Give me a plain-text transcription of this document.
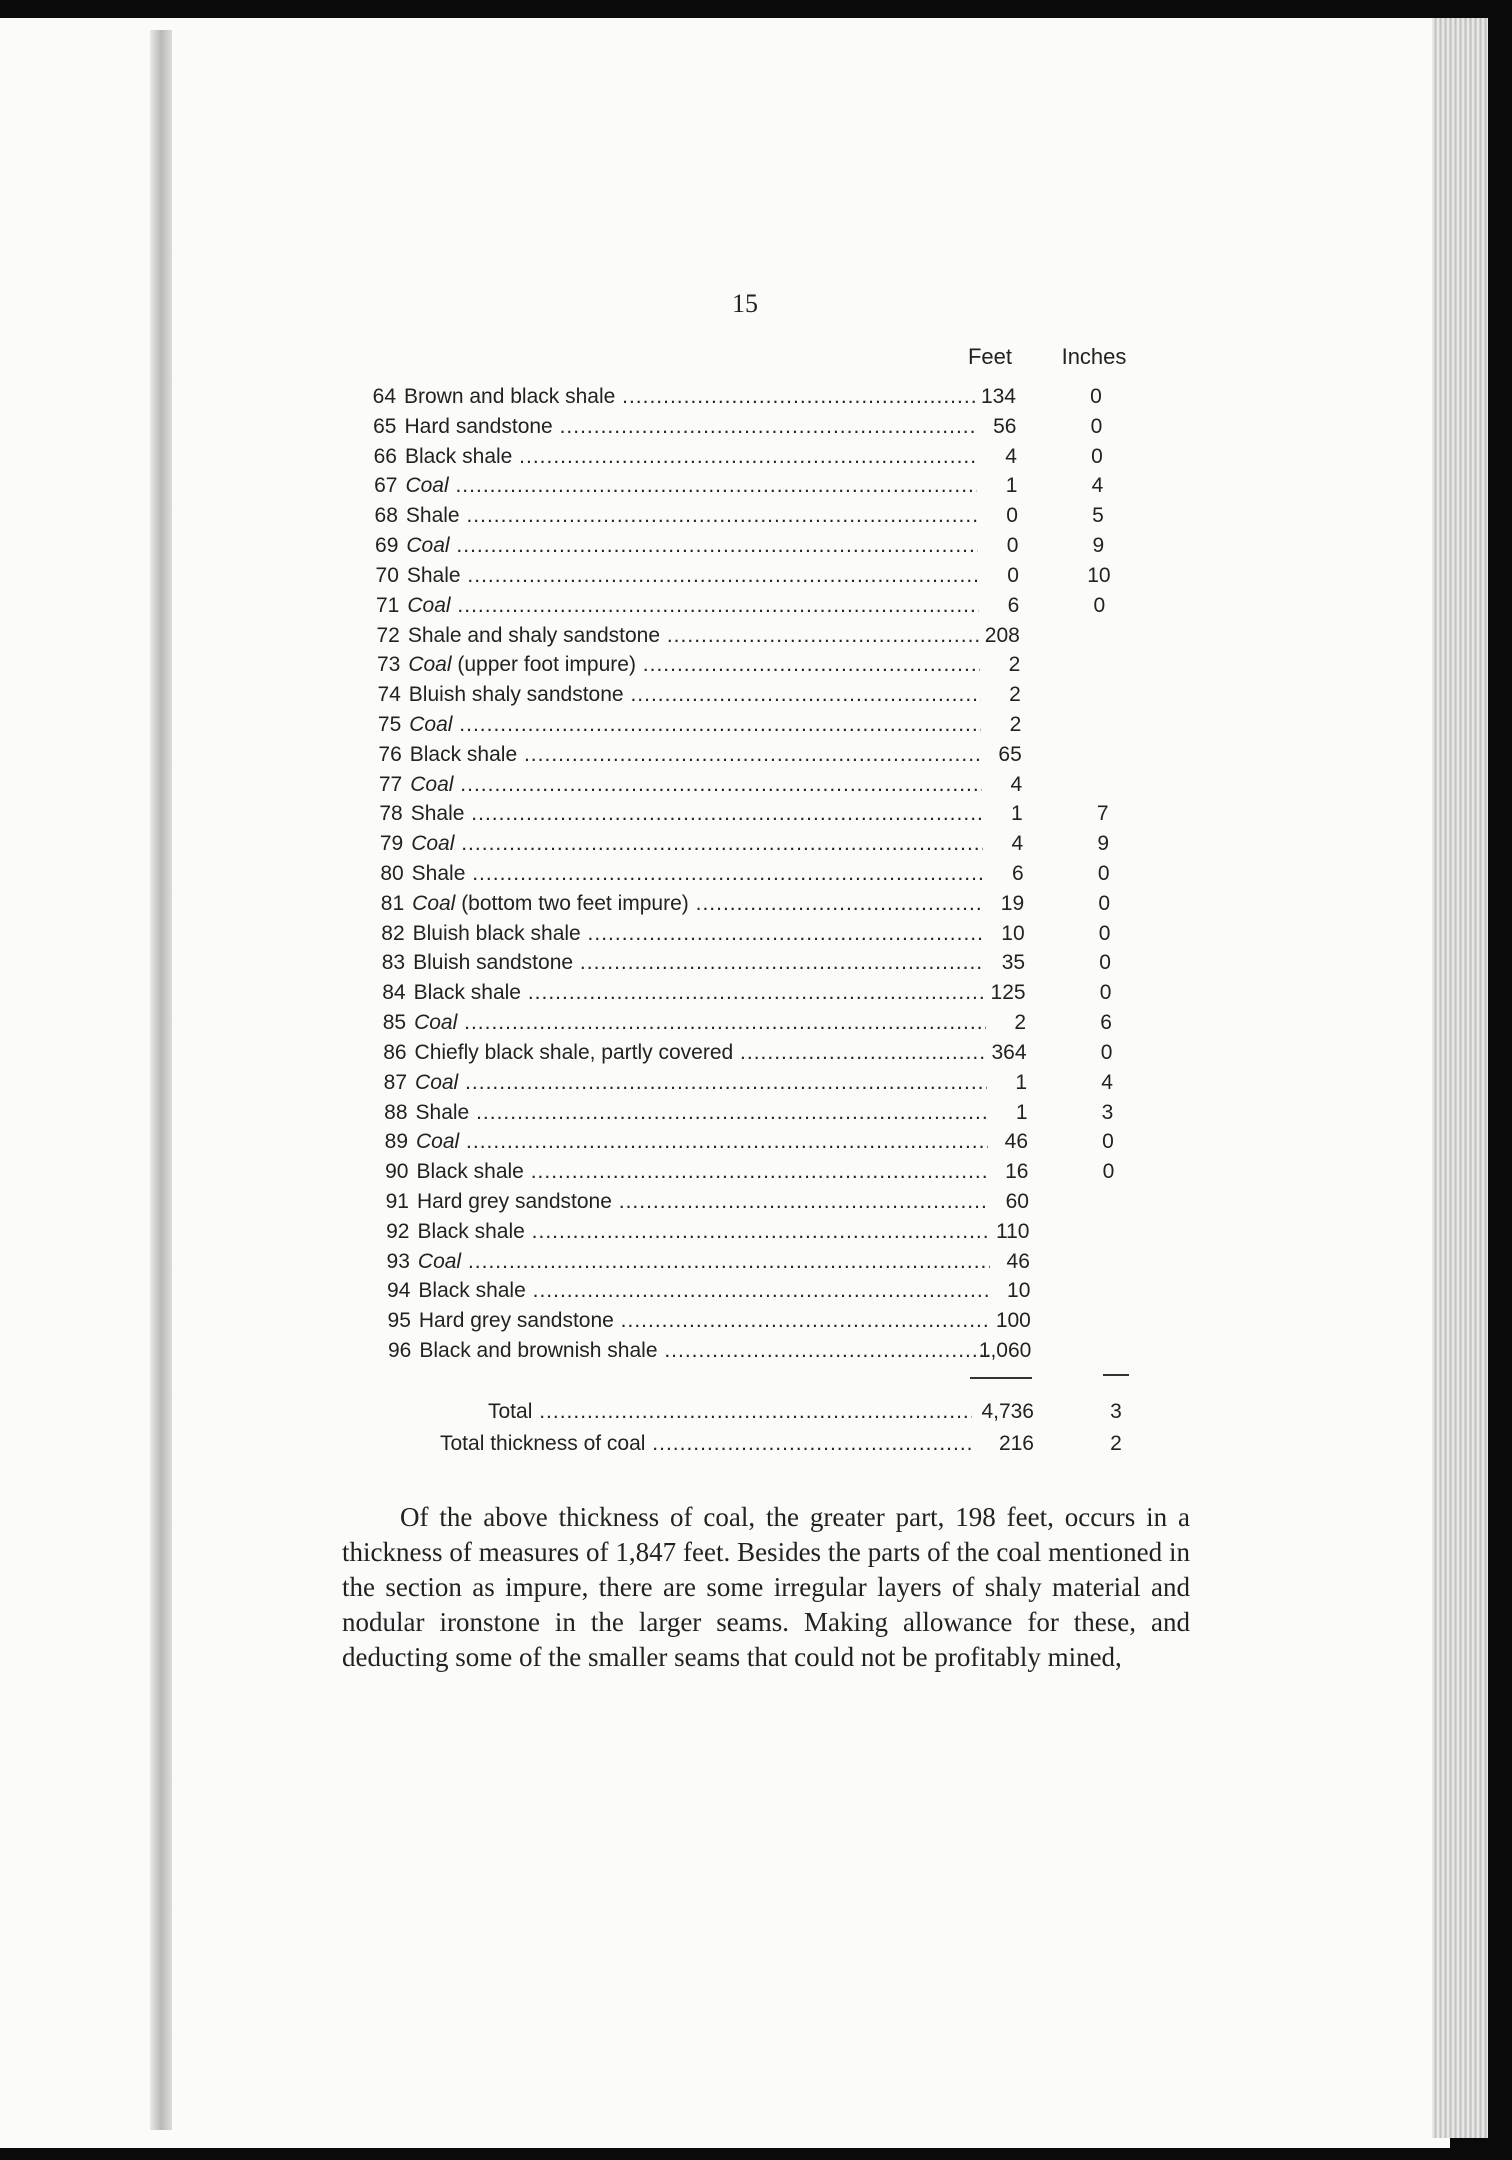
15
Feet	Inches
64 Brown and black shale .....	134	0
65 Hard sandstone .....	56	0
66 Black shale .....	4	0
67 Coal .....	1	4
68 Shale .....	0	5
69 Coal .....	0	9
70 Shale .....	0	10
71 Coal .....	6	0
72 Shale and shaly sandstone .....	208
73 Coal (upper foot impure) .....	2
74 Bluish shaly sandstone .....	2
75 Coal .....	2
76 Black shale .....	65
77 Coal .....	4
78 Shale .....	1	7
79 Coal .....	4	9
80 Shale .....	6	0
81 Coal (bottom two feet impure) .....	19	0
82 Bluish black shale .....	10	0
83 Bluish sandstone .....	35	0
84 Black shale .....	125	0
85 Coal .....	2	6
86 Chiefly black shale, partly covered .....	364	0
87 Coal .....	1	4
88 Shale .....	1	3
89 Coal .....	46	0
90 Black shale .....	16	0
91 Hard grey sandstone .....	60
92 Black shale .....	110
93 Coal .....	46
94 Black shale .....	10
95 Hard grey sandstone .....	100
96 Black and brownish shale .....	1,060
Total .....	4,736	3
Total thickness of coal .....	216	2
Of the above thickness of coal, the greater part, 198 feet, occurs in a thickness of measures of 1,847 feet. Besides the parts of the coal mentioned in the section as impure, there are some irregular layers of shaly material and nodular ironstone in the larger seams. Making allowance for these, and deducting some of the smaller seams that could not be profitably mined,
